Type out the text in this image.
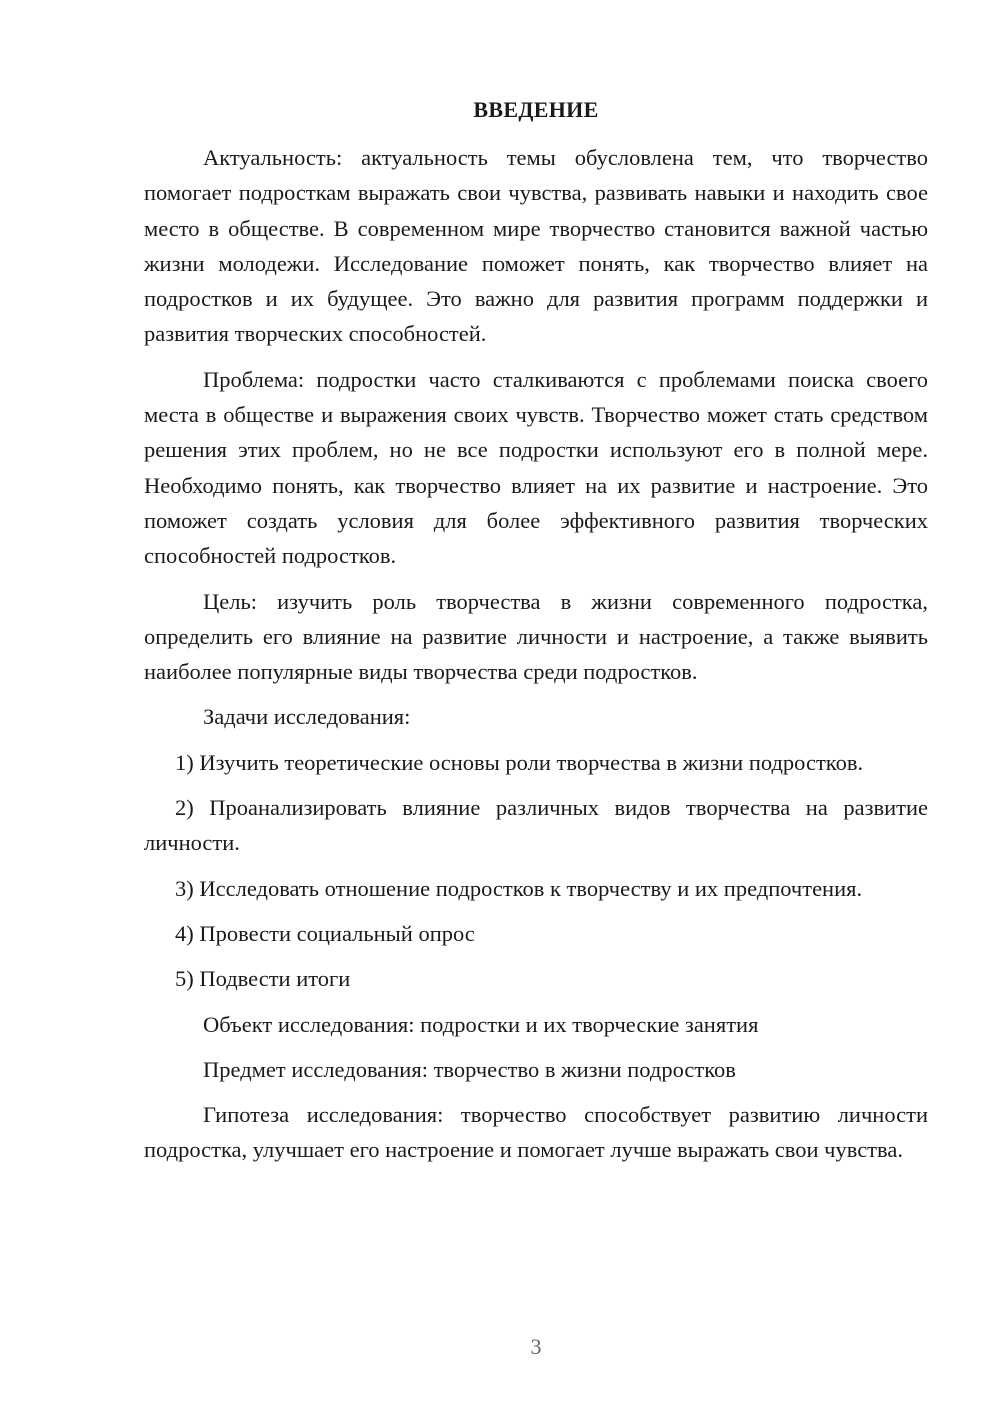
ВВЕДЕНИЕ

Актуальность: актуальность темы обусловлена тем, что творчество помогает подросткам выражать свои чувства, развивать навыки и находить свое место в обществе. В современном мире творчество становится важной частью жизни молодежи. Исследование поможет понять, как творчество влияет на подростков и их будущее. Это важно для развития программ поддержки и развития творческих способностей.

Проблема: подростки часто сталкиваются с проблемами поиска своего места в обществе и выражения своих чувств. Творчество может стать средством решения этих проблем, но не все подростки используют его в полной мере. Необходимо понять, как творчество влияет на их развитие и настроение. Это поможет создать условия для более эффективного развития творческих способностей подростков.

Цель: изучить роль творчества в жизни современного подростка, определить его влияние на развитие личности и настроение, а также выявить наиболее популярные виды творчества среди подростков.

Задачи исследования:

1) Изучить теоретические основы роли творчества в жизни подростков.

2) Проанализировать влияние различных видов творчества на развитие личности.

3) Исследовать отношение подростков к творчеству и их предпочтения.

4) Провести социальный опрос

5) Подвести итоги

Объект исследования: подростки и их творческие занятия

Предмет исследования: творчество в жизни подростков

Гипотеза исследования: творчество способствует развитию личности подростка, улучшает его настроение и помогает лучше выражать свои чувства.

3
